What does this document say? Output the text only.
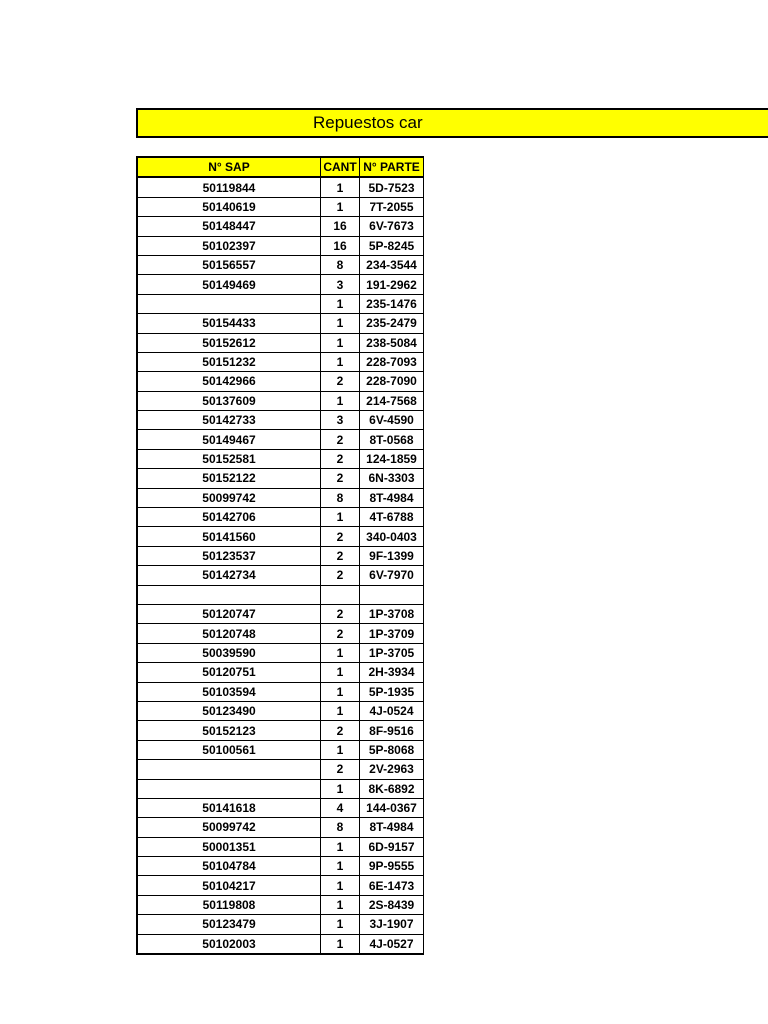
Repuestos car
N° SAP	CANT	N° PARTE
50119844	1	5D-7523
50140619	1	7T-2055
50148447	16	6V-7673
50102397	16	5P-8245
50156557	8	234-3544
50149469	3	191-2962
	1	235-1476
50154433	1	235-2479
50152612	1	238-5084
50151232	1	228-7093
50142966	2	228-7090
50137609	1	214-7568
50142733	3	6V-4590
50149467	2	8T-0568
50152581	2	124-1859
50152122	2	6N-3303
50099742	8	8T-4984
50142706	1	4T-6788
50141560	2	340-0403
50123537	2	9F-1399
50142734	2	6V-7970

50120747	2	1P-3708
50120748	2	1P-3709
50039590	1	1P-3705
50120751	1	2H-3934
50103594	1	5P-1935
50123490	1	4J-0524
50152123	2	8F-9516
50100561	1	5P-8068
	2	2V-2963
	1	8K-6892
50141618	4	144-0367
50099742	8	8T-4984
50001351	1	6D-9157
50104784	1	9P-9555
50104217	1	6E-1473
50119808	1	2S-8439
50123479	1	3J-1907
50102003	1	4J-0527
